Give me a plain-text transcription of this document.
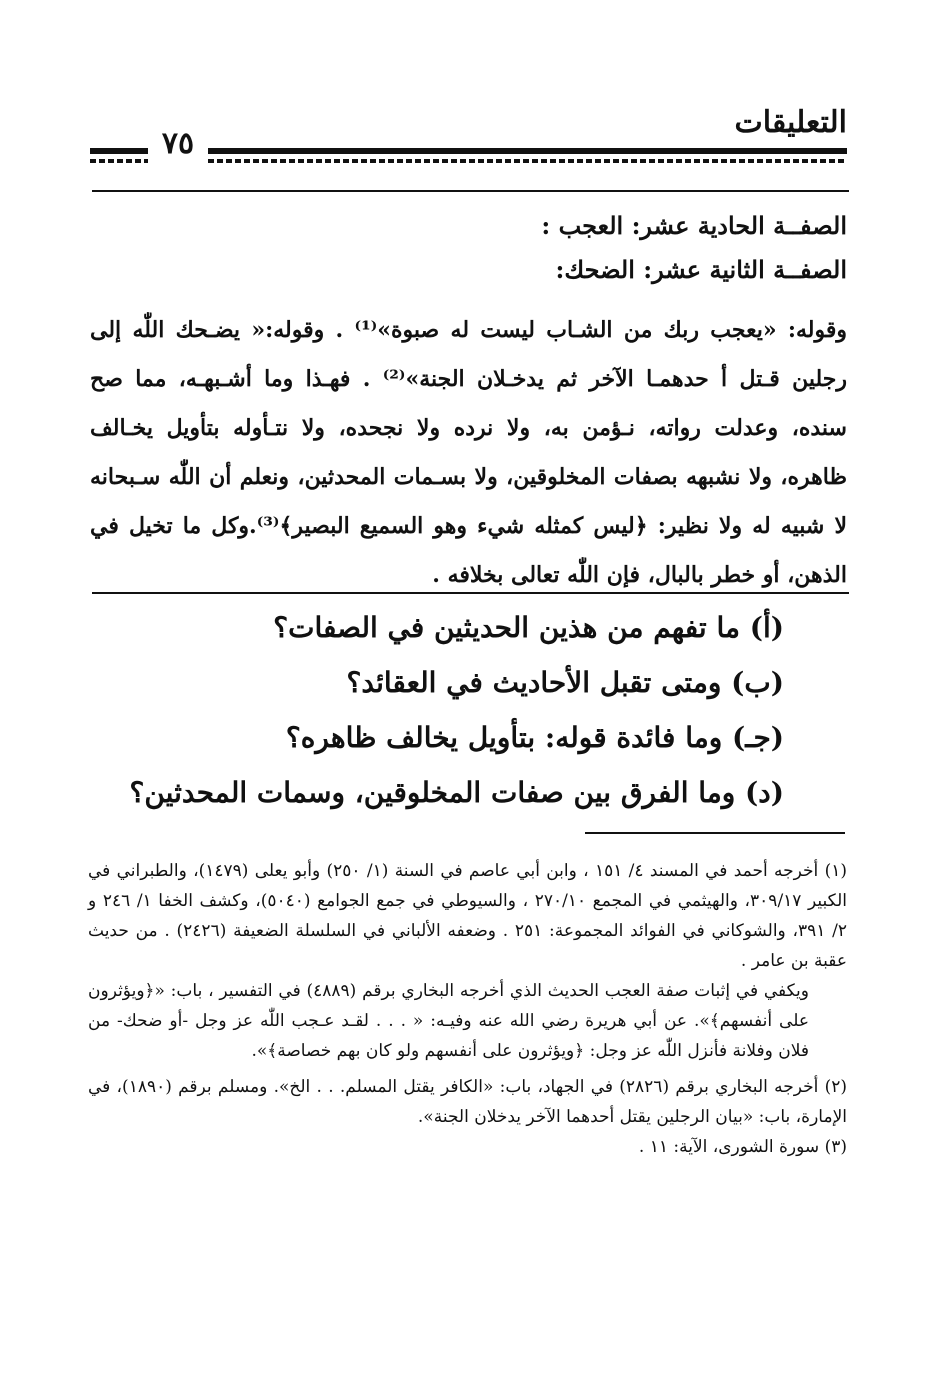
التعليقات
٧٥
الصفــة الحادية عشر: العجب :
الصفــة الثانية عشر: الضحك:
وقوله: «يعجب ربك من الشـاب ليست له صبوة»⁽¹⁾ . وقوله:« يضـحك اللّٰه إلى رجلين قـتل أ حدهمـا الآخر ثم يدخـلان الجنة»⁽²⁾ . فهـذا وما أشـبهـه، مما صح سنده، وعدلت رواته، نـؤمن به، ولا نرده ولا نجحده، ولا نتـأوله بتأويل يخـالف ظاهره، ولا نشبهه بصفات المخلوقين، ولا بسـمات المحدثين، ونعلم أن اللّٰه سـبحانه لا شبيه له ولا نظير: ﴿ليس كمثله شيء وهو السميع البصير﴾⁽³⁾.وكل ما تخيل في الذهن، أو خطر بالبال، فإن اللّٰه تعالى بخلافه .
(أ) ما تفهم من هذين الحديثين في الصفات؟
(ب) ومتى تقبل الأحاديث في العقائد؟
(جـ) وما فائدة قوله: بتأويل يخالف ظاهره؟
(د) وما الفرق بين صفات المخلوقين، وسمات المحدثين؟

(١) أخرجه أحمد في المسند ٤/ ١٥١ ، وابن أبي عاصم في السنة (١/ ٢٥٠) وأبو يعلى (١٤٧٩)، والطبراني في الكبير ٣٠٩/١٧، والهيثمي في المجمع ٢٧٠/١٠ ، والسيوطي في جمع الجوامع (٥٠٤٠)، وكشف الخفا ١/ ٢٤٦ و ٢/ ٣٩١، والشوكاني في الفوائد المجموعة: ٢٥١ . وضعفه الألباني في السلسلة الضعيفة (٢٤٢٦) . من حديث عقبة بن عامر .

ويكفي في إثبات صفة العجب الحديث الذي أخرجه البخاري برقم (٤٨٨٩) في التفسير ، باب: «﴿ويؤثرون على أنفسهم﴾». عن أبي هريرة رضي الله عنه وفيـه: « . . . لقـد عـجب اللّٰه عز وجل -أو ضحك- من فلان وفلانة فأنزل اللّٰه عز وجل: ﴿ويؤثرون على أنفسهم ولو كان بهم خصاصة﴾».

(٢) أخرجه البخاري برقم (٢٨٢٦) في الجهاد، باب: «الكافر يقتل المسلم. . . الخ». ومسلم برقم (١٨٩٠)، في الإمارة، باب: «بيان الرجلين يقتل أحدهما الآخر يدخلان الجنة».

(٣) سورة الشورى، الآية: ١١ .
